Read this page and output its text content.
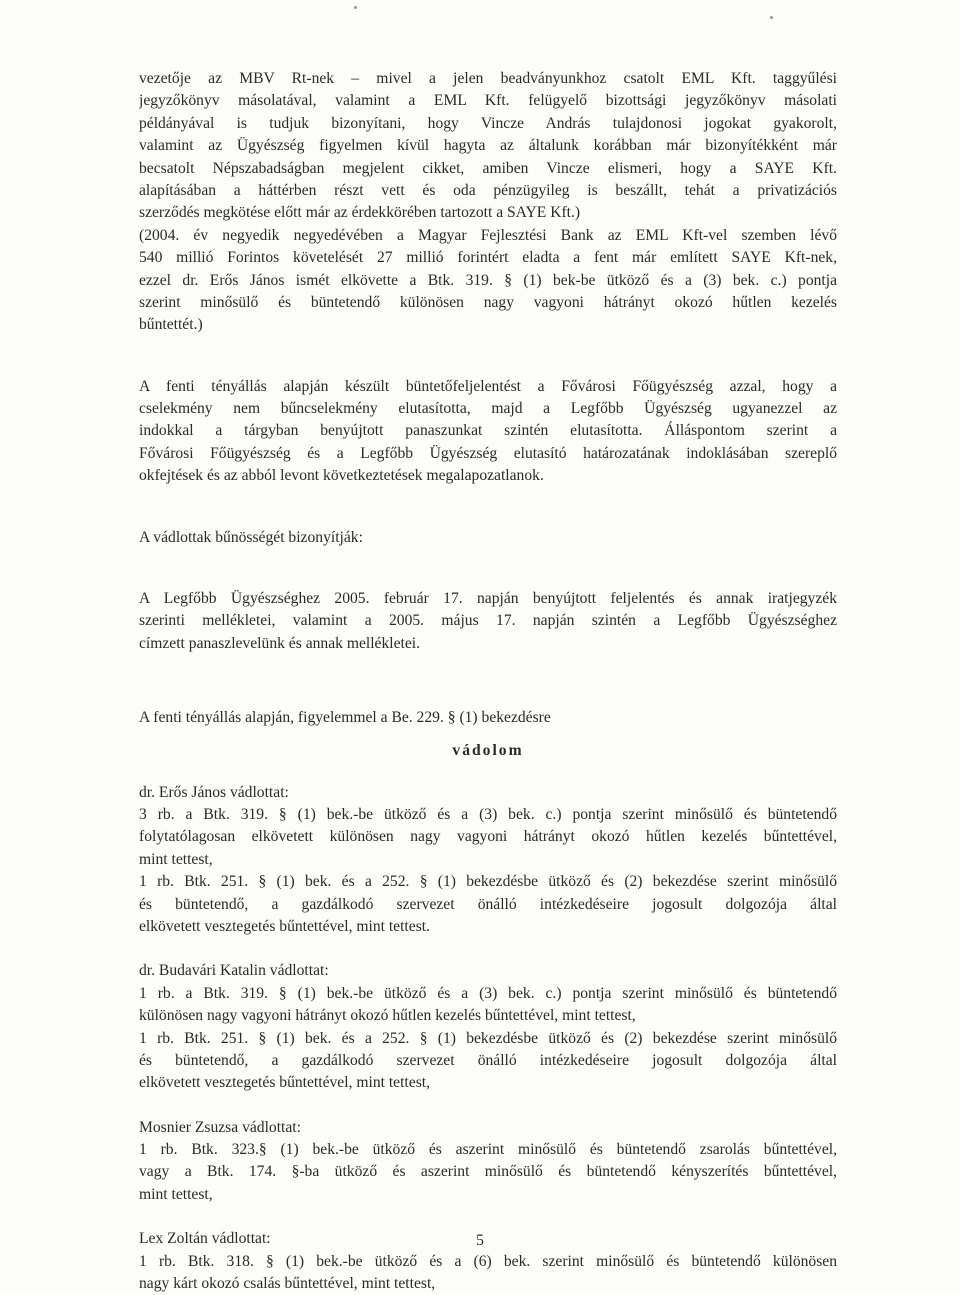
vezetője az MBV Rt-nek – mivel a jelen beadványunkhoz csatolt EML Kft. taggyűlési
jegyzőkönyv másolatával, valamint a EML Kft. felügyelő bizottsági jegyzőkönyv másolati
példányával is tudjuk bizonyítani, hogy Vincze András tulajdonosi jogokat gyakorolt,
valamint az Ügyészség figyelmen kívül hagyta az általunk korábban már bizonyítékként már
becsatolt Népszabadságban megjelent cikket, amiben Vincze elismeri, hogy a SAYE Kft.
alapításában a háttérben részt vett és oda pénzügyileg is beszállt, tehát a privatizációs
szerződés megkötése előtt már az érdekkörében tartozott a SAYE Kft.)
(2004. év negyedik negyedévében a Magyar Fejlesztési Bank az EML Kft-vel szemben lévő
540 millió Forintos követelését 27 millió forintért eladta a fent már említett SAYE Kft-nek,
ezzel dr. Erős János ismét elkövette a Btk. 319. § (1) bek-be ütköző és a (3) bek. c.) pontja
szerint minősülő és büntetendő különösen nagy vagyoni hátrányt okozó hűtlen kezelés
bűntettét.)
A fenti tényállás alapján készült büntetőfeljelentést a Fővárosi Főügyészség azzal, hogy a
cselekmény nem bűncselekmény elutasította, majd a Legfőbb Ügyészség ugyanezzel az
indokkal a tárgyban benyújtott panaszunkat szintén elutasította. Álláspontom szerint a
Fővárosi Főügyészség és a Legfőbb Ügyészség elutasító határozatának indoklásában szereplő
okfejtések és az abból levont következtetések megalapozatlanok.
A vádlottak bűnösségét bizonyítják:
A Legfőbb Ügyészséghez 2005. február 17. napján benyújtott feljelentés és annak iratjegyzék
szerinti mellékletei, valamint a 2005. május 17. napján szintén a Legfőbb Ügyészséghez
címzett panaszlevelünk és annak mellékletei.
A fenti tényállás alapján, figyelemmel a Be. 229. § (1) bekezdésre
vádolom
dr. Erős János vádlottat:
3 rb. a Btk. 319. § (1) bek.-be ütköző és a (3) bek. c.) pontja szerint minősülő és büntetendő
folytatólagosan elkövetett különösen nagy vagyoni hátrányt okozó hűtlen kezelés bűntettével,
mint tettest,
1 rb. Btk. 251. § (1) bek. és a 252. § (1) bekezdésbe ütköző és (2) bekezdése szerint minősülő
és büntetendő, a gazdálkodó szervezet önálló intézkedéseire jogosult dolgozója által
elkövetett vesztegetés bűntettével, mint tettest.
dr. Budavári Katalin vádlottat:
1 rb. a Btk. 319. § (1) bek.-be ütköző és a (3) bek. c.) pontja szerint minősülő és büntetendő
különösen nagy vagyoni hátrányt okozó hűtlen kezelés bűntettével, mint tettest,
1 rb. Btk. 251. § (1) bek. és a 252. § (1) bekezdésbe ütköző és (2) bekezdése szerint minősülő
és büntetendő, a gazdálkodó szervezet önálló intézkedéseire jogosult dolgozója által
elkövetett vesztegetés bűntettével, mint tettest,
Mosnier Zsuzsa vádlottat:
1 rb. Btk. 323.§ (1) bek.-be ütköző és aszerint minősülő és büntetendő zsarolás bűntettével,
vagy a Btk. 174. §-ba ütköző és aszerint minősülő és büntetendő kényszerítés bűntettével,
mint tettest,
Lex Zoltán vádlottat:
1 rb. Btk. 318. § (1) bek.-be ütköző és a (6) bek. szerint minősülő és büntetendő különösen
nagy kárt okozó csalás bűntettével, mint tettest,
5
